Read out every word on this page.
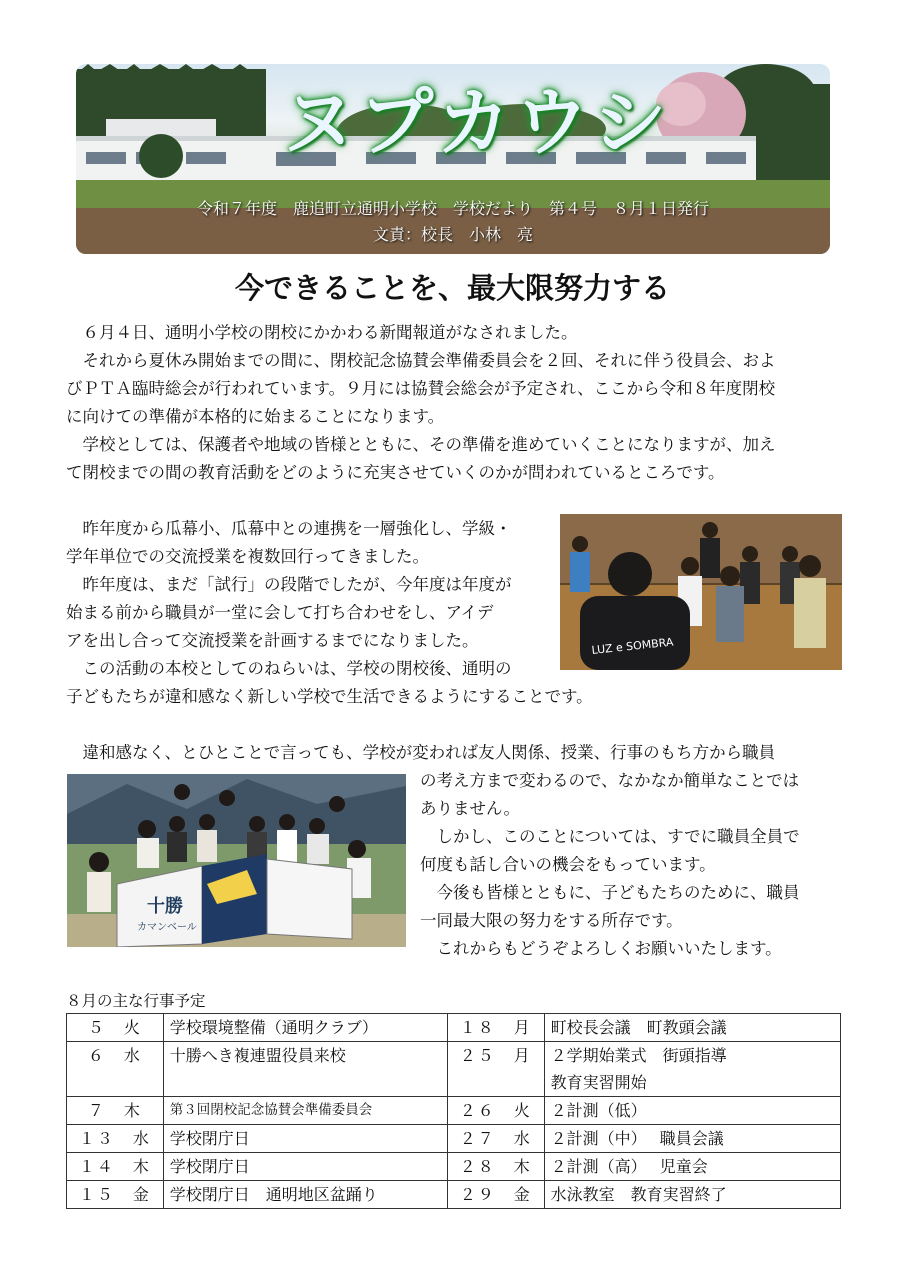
ヌプカウシ
令和７年度　鹿追町立通明小学校　学校だより　第４号　８月１日発行
文責：校長　小林　亮
今できることを、最大限努力する

　６月４日、通明小学校の閉校にかかわる新聞報道がなされました。

　それから夏休み開始までの間に、閉校記念協賛会準備委員会を２回、それに伴う役員会、およ

びＰＴＡ臨時総会が行われています。９月には協賛会総会が予定され、ここから令和８年度閉校

に向けての準備が本格的に始まることになります。

　学校としては、保護者や地域の皆様とともに、その準備を進めていくことになりますが、加え

て閉校までの間の教育活動をどのように充実させていくのかが問われているところです。

　昨年度から瓜幕小、瓜幕中との連携を一層強化し、学級・

学年単位での交流授業を複数回行ってきました。

　昨年度は、まだ「試行」の段階でしたが、今年度は年度が

始まる前から職員が一堂に会して打ち合わせをし、アイデ

アを出し合って交流授業を計画するまでになりました。

　この活動の本校としてのねらいは、学校の閉校後、通明の

子どもたちが違和感なく新しい学校で生活できるようにすることです。

LUZ e SOMBRA

　違和感なく、とひとことで言っても、学校が変われば友人関係、授業、行事のもち方から職員

十勝
カマンベール

の考え方まで変わるので、なかなか簡単なことでは

ありません。

　しかし、このことについては、すでに職員全員で

何度も話し合いの機会をもっています。

　今後も皆様とともに、子どもたちのために、職員

一同最大限の努力をする所存です。

　これからもどうぞよろしくお願いいたします。

８月の主な行事予定
５　火	学校環境整備（通明クラブ）	１８　月	町校長会議　町教頭会議
６　水	十勝へき複連盟役員来校	２５　月	２学期始業式　街頭指導
教育実習開始

７　木	第３回閉校記念協賛会準備委員会	２６　火	２計測（低）
１３　水	学校閉庁日	２７　水	２計測（中）　 職員会議
１４　木	学校閉庁日	２８　木	２計測（高）　 児童会
１５　金	学校閉庁日　通明地区盆踊り	２９　金	水泳教室　教育実習終了
